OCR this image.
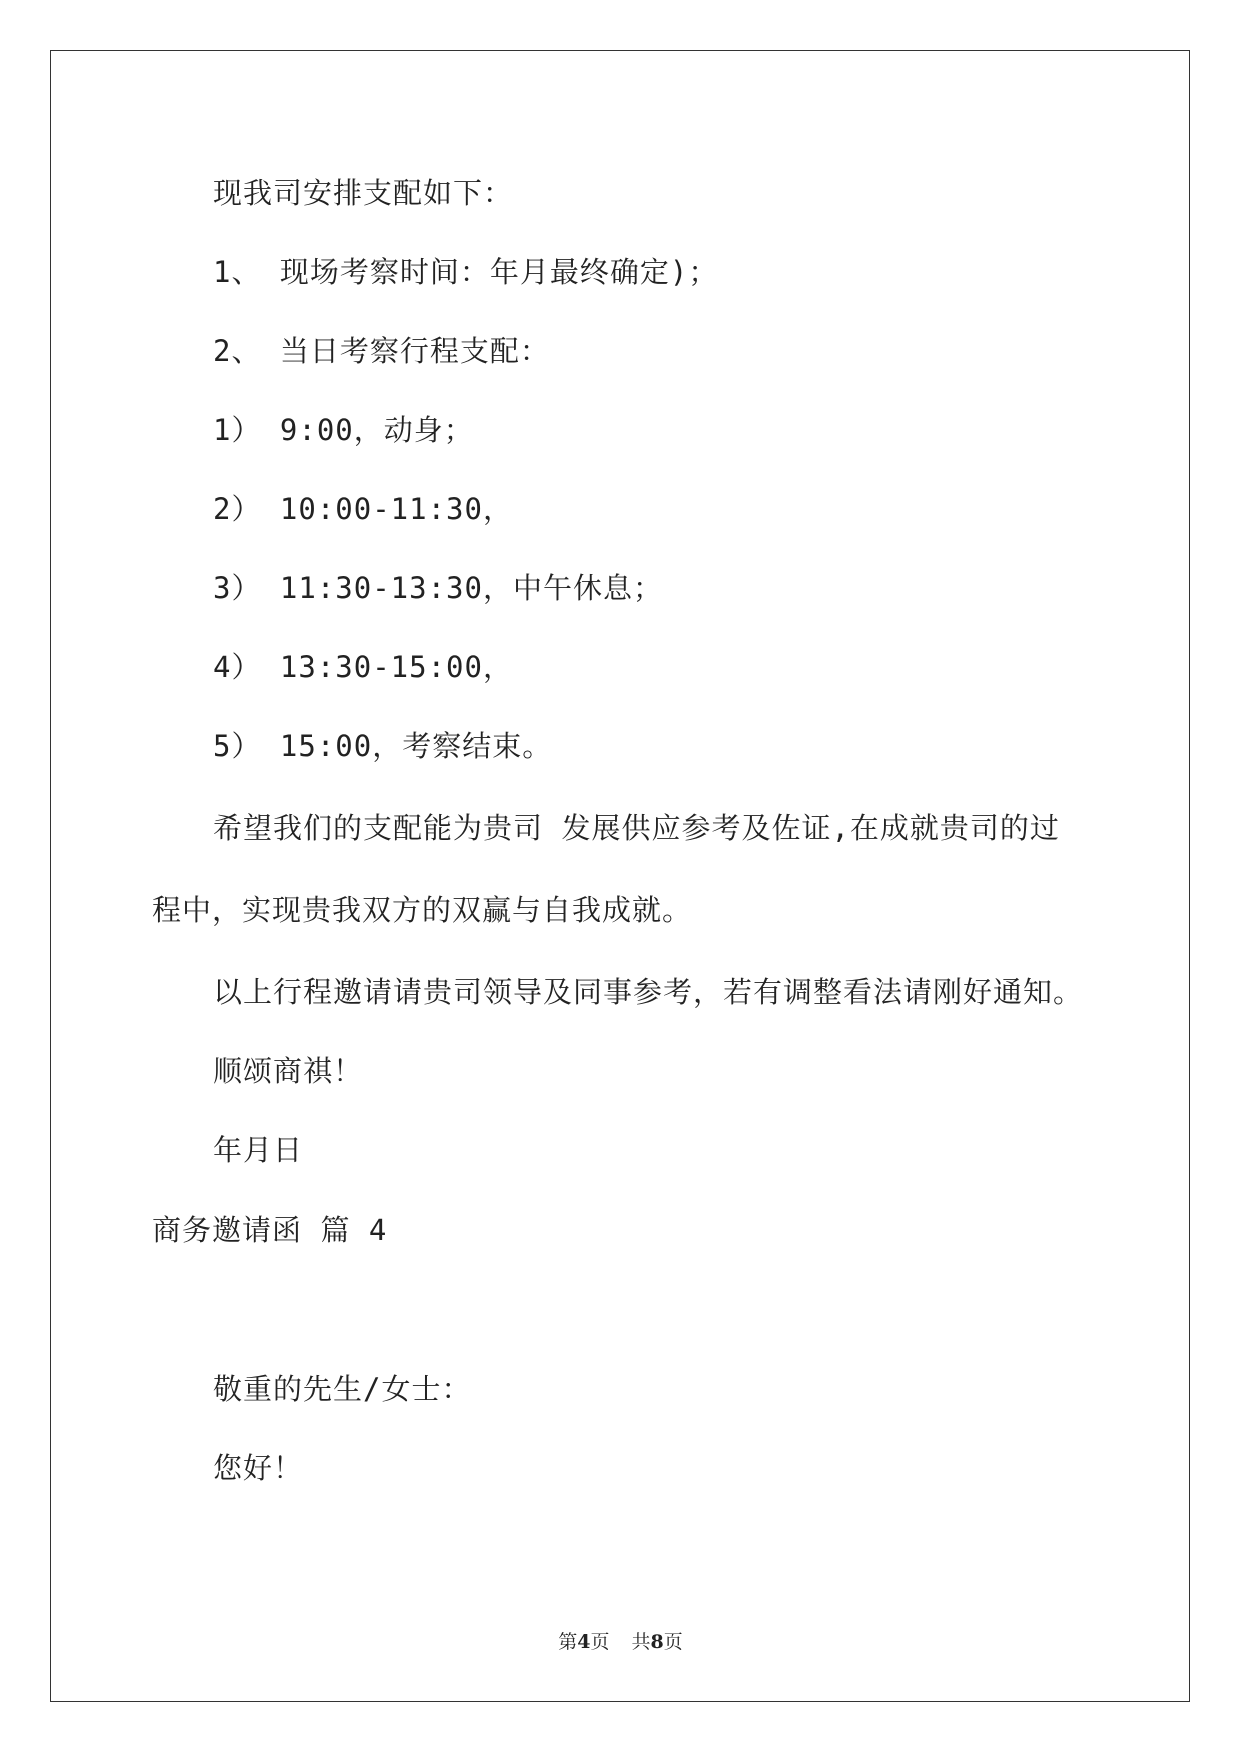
现我司安排支配如下：
1、 现场考察时间：年月最终确定)；
2、 当日考察行程支配：
1） 9:00，动身；
2） 10:00-11:30，
3） 11:30-13:30，中午休息；
4） 13:30-15:00，
5） 15:00，考察结束。
希望我们的支配能为贵司 发展供应参考及佐证,在成就贵司的过
程中，实现贵我双方的双赢与自我成就。
以上行程邀请请贵司领导及同事参考，若有调整看法请刚好通知。
顺颂商祺！
年月日
商务邀请函 篇 4
敬重的先生/女士：
您好！
第4页 共8页
